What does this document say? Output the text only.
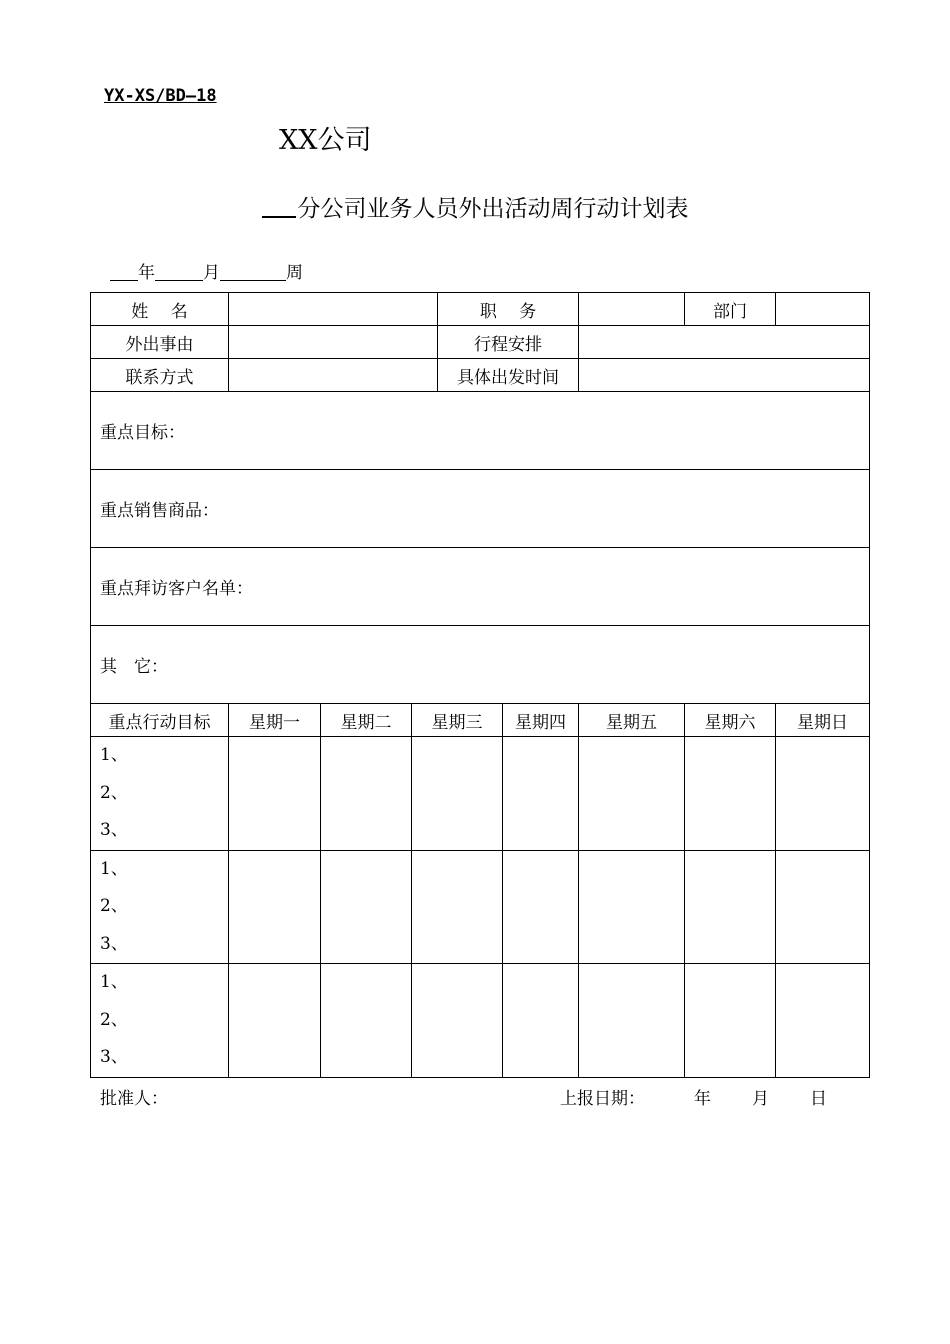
YX-XS/BD—18
XX公司
分公司业务人员外出活动周行动计划表
年	月	周
姓　 名				职　 务			部门	
外出事由				行程安排				
联系方式				具体出发时间				
重点目标：								
重点销售商品：								
重点拜访客户名单：								
其　它：								
重点行动目标	星期一	星期二	星期三		星期四	星期五	星期六	星期日

1、
2、
3、								

1、
2、
3、								

1、
2、
3、								

批准人：	上报日期：	年 月 日
